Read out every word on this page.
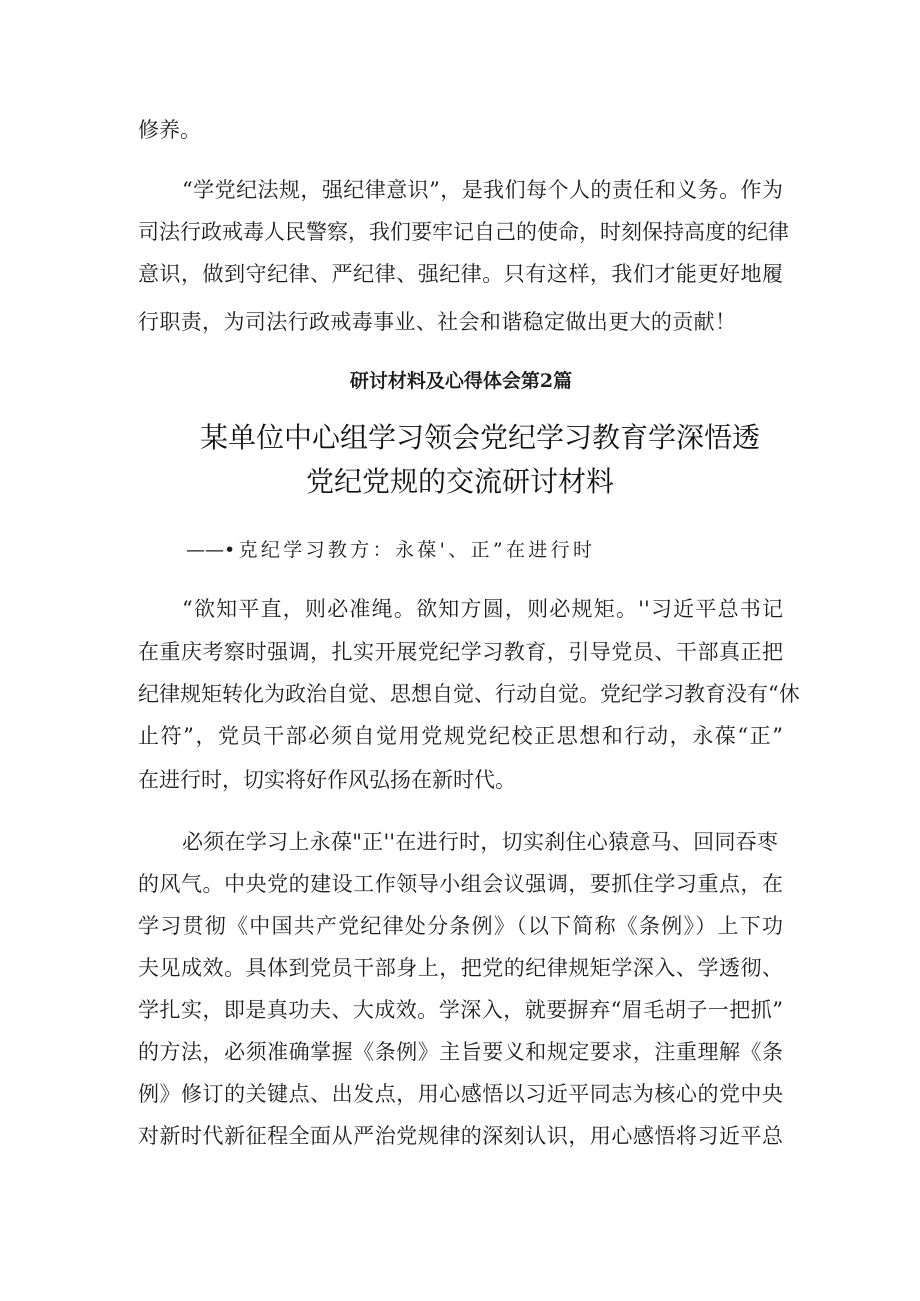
修养。
“学党纪法规，强纪律意识”，是我们每个人的责任和义务。作为
司法行政戒毒人民警察，我们要牢记自己的使命，时刻保持高度的纪律
意识，做到守纪律、严纪律、强纪律。只有这样，我们才能更好地履
行职责，为司法行政戒毒事业、社会和谐稳定做出更大的贡献！
研讨材料及心得体会第2篇
某单位中心组学习领会党纪学习教育学深悟透
党纪党规的交流研讨材料
——•克纪学习教方：永葆'、正”在进行时
“欲知平直，则必准绳。欲知方圆，则必规矩。''习近平总书记
在重庆考察时强调，扎实开展党纪学习教育，引导党员、干部真正把
纪律规矩转化为政治自觉、思想自觉、行动自觉。党纪学习教育没有“休
止符”，党员干部必须自觉用党规党纪校正思想和行动，永葆“正”
在进行时，切实将好作风弘扬在新时代。
必须在学习上永葆"正''在进行时，切实刹住心猿意马、回同吞枣
的风气。中央党的建设工作领导小组会议强调，要抓住学习重点，在
学习贯彻《中国共产党纪律处分条例》（以下简称《条例》）上下功
夫见成效。具体到党员干部身上，把党的纪律规矩学深入、学透彻、
学扎实，即是真功夫、大成效。学深入，就要摒弃“眉毛胡子一把抓”
的方法，必须准确掌握《条例》主旨要义和规定要求，注重理解《条
例》修订的关键点、出发点，用心感悟以习近平同志为核心的党中央
对新时代新征程全面从严治党规律的深刻认识，用心感悟将习近平总
